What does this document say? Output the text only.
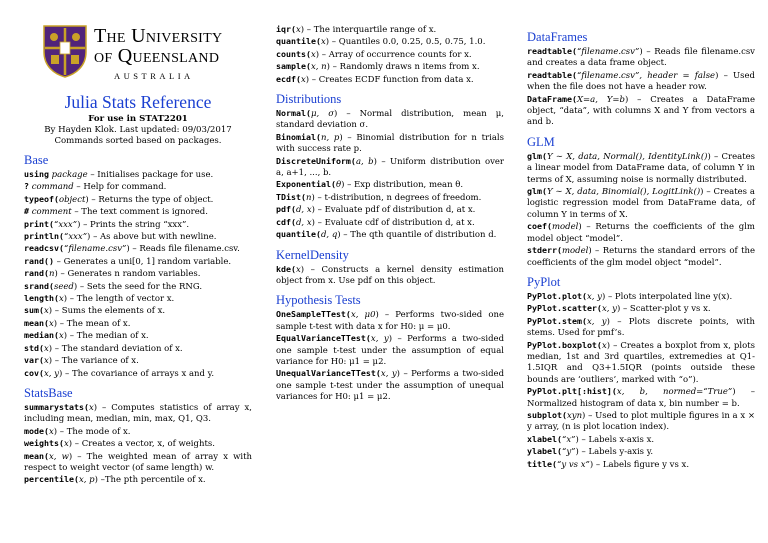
The University
of Queensland
AUSTRALIA
Julia Stats Reference
For use in STAT2201
By Hayden Klok. Last updated: 09/03/2017
Commands sorted based on packages.
Base

using package – Initialises package for use.

? command – Help for command.

typeof(object) – Returns the type of object.

# comment – The text comment is ignored.

print(“xxx”) – Prints the string “xxx”.

println(“xxx”) – As above but with newline.

readcsv(“filename.csv”) – Reads file filename.csv.

rand() – Generates a uni[0, 1] random variable.

rand(n) – Generates n random variables.

srand(seed) – Sets the seed for the RNG.

length(x) – The length of vector x.

sum(x) – Sums the elements of x.

mean(x) – The mean of x.

median(x) – The median of x.

std(x) – The standard deviation of x.

var(x) – The variance of x.

cov(x, y) – The covariance of arrays x and y.

StatsBase

summarystats(x) – Computes statistics of array x, including mean, median, min, max, Q1, Q3.

mode(x) – The mode of x.

weights(x) – Creates a vector, x, of weights.

mean(x, w) – The weighted mean of array x with respect to weight vector (of same length) w.

percentile(x, p) –The pth percentile of x.

iqr(x) – The interquartile range of x.

quantile(x) – Quantiles 0.0, 0.25, 0.5, 0.75, 1.0.

counts(x) – Array of occurrence counts for x.

sample(x, n) – Randomly draws n items from x.

ecdf(x) – Creates ECDF function from data x.

Distributions

Normal(μ, σ) – Normal distribution, mean μ, standard deviation σ.

Binomial(n, p) – Binomial distribution for n trials with success rate p.

DiscreteUniform(a, b) – Uniform distribution over a, a+1, ..., b.

Exponential(θ) – Exp distribution, mean θ.

TDist(n) – t-distribution, n degrees of freedom.

pdf(d, x) – Evaluate pdf of distribution d, at x.

cdf(d, x) – Evaluate cdf of distribution d, at x.

quantile(d, q) – The qth quantile of distribution d.

KernelDensity

kde(x) – Constructs a kernel density estimation object from x. Use pdf on this object.

Hypothesis Tests

OneSampleTTest(x, μ0) – Performs two-sided one sample t-test with data x for H0: μ = μ0.

EqualVarianceTTest(x, y) – Performs a two-sided one sample t-test under the assumption of equal variance for H0: μ1 = μ2.

UnequalVarianceTTest(x, y) – Performs a two-sided one sample t-test under the assumption of unequal variances for H0: μ1 = μ2.

DataFrames

readtable(“filename.csv”) – Reads file filename.csv and creates a data frame object.

readtable(“filename.csv”, header = false) – Used when the file does not have a header row.

DataFrame(X=a, Y=b) – Creates a DataFrame object, “data”, with columns X and Y from vectors a and b.

GLM

glm(Y ∼ X, data, Normal(), IdentityLink()) – Creates a linear model from DataFrame data, of column Y in terms of X, assuming noise is normally distributed.

glm(Y ∼ X, data, Binomial(), LogitLink()) – Creates a logistic regression model from DataFrame data, of column Y in terms of X.

coef(model) – Returns the coefficients of the glm model object “model”.

stderr(model) – Returns the standard errors of the coefficients of the glm model object “model”.

PyPlot

PyPlot.plot(x, y) – Plots interpolated line y(x).

PyPlot.scatter(x, y) – Scatter-plot y vs x.

PyPlot.stem(x, y) – Plots discrete points, with stems. Used for pmf’s.

PyPlot.boxplot(x) – Creates a boxplot from x, plots median, 1st and 3rd quartiles, extremedies at Q1-1.5IQR and Q3+1.5IQR (points outside these bounds are ‘outliers’, marked with “o”).

PyPlot.plt[:hist](x, b, normed=“True”) – Normalized histogram of data x, bin number = b.

subplot(xyn) – Used to plot multiple figures in a x × y array, (n is plot location index).

xlabel(“x”) – Labels x-axis x.

ylabel(“y”) – Labels y-axis y.

title(“y vs x”) – Labels figure y vs x.
